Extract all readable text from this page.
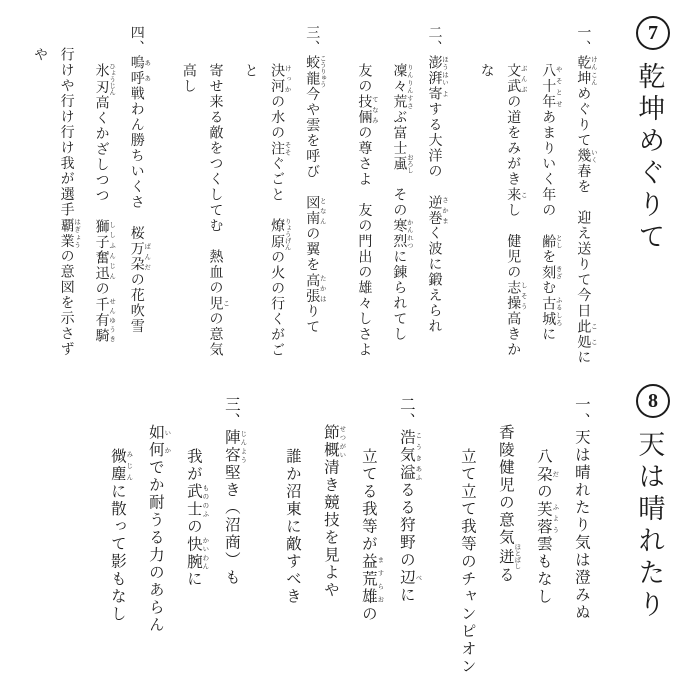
7
乾坤めぐりて
一、乾坤 けんこんめぐりて幾 いく春を　迎え送りて今日此処 ここに
八十年 やそとせあまりいく年の　齢 としを刻 きざむ古城 ふるしろに
文武 ぶんぶの道をみがき来 こし　健児の志操 しそう高きかな
二、澎湃 ほうはい寄 よする大洋の　逆巻 さかまく波に鍛えられ
凜々 りんりん荒 すさぶ富士颪 おろし　その寒烈 かんれつに錬られてし
友の技倆 てなみの尊さよ　友の門出の雄々しさよ
三、蛟龍 こうりゅう今や雲を呼び　図南 となんの翼を高張 たかはりて
決河 けっかの水の注 そそぐごと　燎原 りょうげんの火の行くがごと
寄せ来る敵をつくしてむ　熱血の児 この意気高し
四、嗚呼 ああ戦わん勝ちいくさ　桜万朶 ばんだの花吹雪
氷刃 ひょうじん高くかざしつつ　獅子奮迅 ししふんじんの千有騎 せんゆうき
行けや行け行け我が選手覇業 はぎょうの意図を示さずや
8
天は晴れたり
一、天は晴れたり気は澄みぬ
八朶 だの芙蓉 ふよう雲もなし
香陵健児の意気迸 ほとばしる
立て立て我等のチャンピオン
二、浩気 こうき溢 あふるる狩野の辺 べに
立てる我等が益荒雄 ますらおの
節概 せつがい清き競技を見よや
誰か沼東に敵すべき
三、陣容 じんよう堅き（沼商）も
我が武士 もののふの快腕 かいわんに
如何 いかでか耐うる力のあらん
微塵 みじんに散って影もなし
